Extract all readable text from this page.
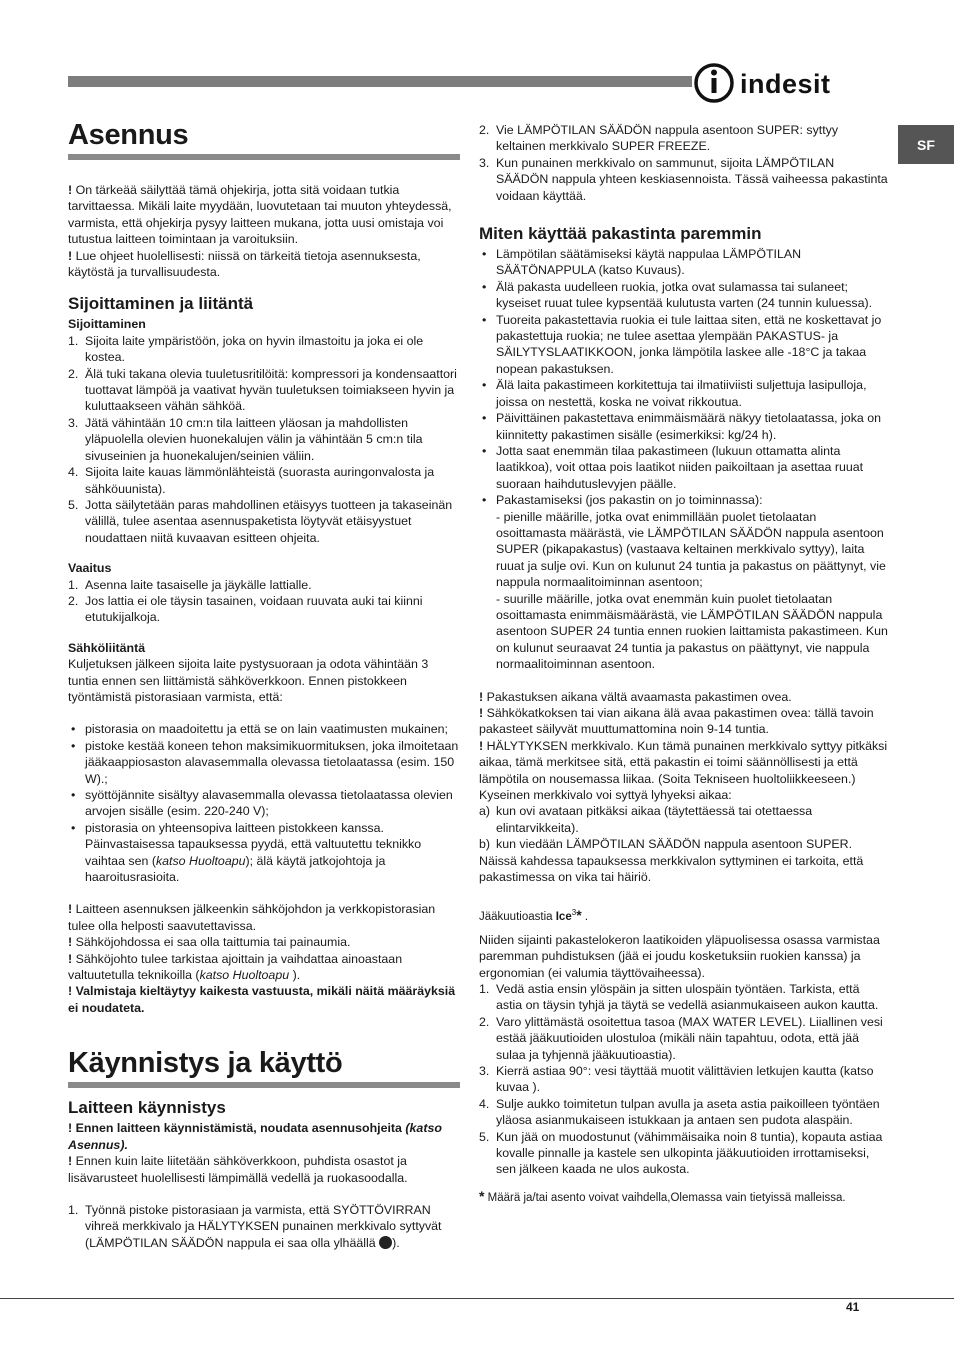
indesit
SF
Asennus

! On tärkeää säilyttää tämä ohjekirja, jotta sitä voidaan tutkia tarvittaessa. Mikäli laite myydään, luovutetaan tai muuton yhteydessä, varmista, että ohjekirja pysyy laitteen mukana, jotta uusi omistaja voi tutustua laitteen toimintaan ja varoituksiin.

! Lue ohjeet huolellisesti: niissä on tärkeitä tietoja asennuksesta, käytöstä ja turvallisuudesta.

Sijoittaminen ja liitäntä
Sijoittaminen
1. Sijoita laite ympäristöön, joka on hyvin ilmastoitu ja joka ei ole kostea.
2. Älä tuki takana olevia tuuletusritilöitä: kompressori ja kondensaattori tuottavat lämpöä ja vaativat hyvän tuuletuksen toimiakseen hyvin ja kuluttaakseen vähän sähköä.
3. Jätä vähintään 10 cm:n tila laitteen yläosan ja mahdollisten yläpuolella olevien huonekalujen välin ja vähintään 5 cm:n tila sivuseinien ja huonekalujen/seinien väliin.
4. Sijoita laite kauas lämmönlähteistä (suorasta auringonvalosta ja sähköuunista).
5. Jotta säilytetään paras mahdollinen etäisyys tuotteen ja takaseinän välillä, tulee asentaa asennuspaketista löytyvät etäisyystuet noudattaen niitä kuvaavan esitteen ohjeita.
Vaaitus
1. Asenna laite tasaiselle ja jäykälle lattialle.
2. Jos lattia ei ole täysin tasainen, voidaan ruuvata auki tai kiinni etutukijalkoja.
Sähköliitäntä

Kuljetuksen jälkeen sijoita laite pystysuoraan ja odota vähintään 3 tuntia ennen sen liittämistä sähköverkkoon. Ennen pistokkeen työntämistä pistorasiaan varmista, että:

• pistorasia on maadoitettu ja että se on lain vaatimusten mukainen;
• pistoke kestää koneen tehon maksimikuormituksen, joka ilmoitetaan jääkaappiosaston alavasemmalla olevassa tietolaatassa (esim. 150 W).;
• syöttöjännite sisältyy alavasemmalla olevassa tietolaatassa olevien arvojen sisälle (esim. 220-240 V);
• pistorasia on yhteensopiva laitteen pistokkeen kanssa. Päinvastaisessa tapauksessa pyydä, että valtuutettu teknikko vaihtaa sen (katso Huoltoapu); älä käytä jatkojohtoja ja haaroitusrasioita.

! Laitteen asennuksen jälkeenkin sähköjohdon ja verkkopistorasian tulee olla helposti saavutettavissa.

! Sähköjohdossa ei saa olla taittumia tai painaumia.

! Sähköjohto tulee tarkistaa ajoittain ja vaihdattaa ainoastaan valtuutetulla teknikoilla (katso Huoltoapu ).

! Valmistaja kieltäytyy kaikesta vastuusta, mikäli näitä määräyksiä ei noudateta.

Käynnistys ja käyttö
Laitteen käynnistys

! Ennen laitteen käynnistämistä, noudata asennusohjeita (katso Asennus).

! Ennen kuin laite liitetään sähköverkkoon, puhdista osastot ja lisävarusteet huolellisesti lämpimällä vedellä ja ruokasoodalla.

1. Työnnä pistoke pistorasiaan ja varmista, että SYÖTTÖVIRRAN vihreä merkkivalo ja HÄLYTYKSEN punainen merkkivalo syttyvät (LÄMPÖTILAN SÄÄDÖN nappula ei saa olla ylhäällä ).
2. Vie LÄMPÖTILAN SÄÄDÖN nappula asentoon SUPER: syttyy keltainen merkkivalo SUPER FREEZE.
3. Kun punainen merkkivalo on sammunut, sijoita LÄMPÖTILAN SÄÄDÖN nappula yhteen keskiasennoista. Tässä vaiheessa pakastinta voidaan käyttää.
Miten käyttää pakastinta paremmin
• Lämpötilan säätämiseksi käytä nappulaa LÄMPÖTILAN SÄÄTÖNAPPULA (katso Kuvaus).
• Älä pakasta uudelleen ruokia, jotka ovat sulamassa tai sulaneet; kyseiset ruuat tulee kypsentää kulutusta varten (24 tunnin kuluessa).
• Tuoreita pakastettavia ruokia ei tule laittaa siten, että ne koskettavat jo pakastettuja ruokia; ne tulee asettaa ylempään PAKASTUS- ja SÄILYTYSLAATIKKOON, jonka lämpötila laskee alle -18°C ja takaa nopean pakastuksen.
• Älä laita pakastimeen korkitettuja tai ilmatiiviisti suljettuja lasipulloja, joissa on nestettä, koska ne voivat rikkoutua.
• Päivittäinen pakastettava enimmäismäärä näkyy tietolaatassa, joka on kiinnitetty pakastimen sisälle (esimerkiksi: kg/24 h).
• Jotta saat enemmän tilaa pakastimeen (lukuun ottamatta alinta laatikkoa), voit ottaa pois laatikot niiden paikoiltaan ja asettaa ruuat suoraan haihdutuslevyjen päälle.
• Pakastamiseksi (jos pakastin on jo toiminnassa):
- pienille määrille, jotka ovat enimmillään puolet tietolaatan osoittamasta määrästä, vie LÄMPÖTILAN SÄÄDÖN nappula asentoon SUPER (pikapakastus) (vastaava keltainen merkkivalo syttyy), laita ruuat ja sulje ovi. Kun on kulunut 24 tuntia ja pakastus on päättynyt, vie nappula normaalitoiminnan asentoon;
- suurille määrille, jotka ovat enemmän kuin puolet tietolaatan osoittamasta enimmäismäärästä, vie LÄMPÖTILAN SÄÄDÖN nappula asentoon SUPER 24 tuntia ennen ruokien laittamista pakastimeen. Kun on kulunut seuraavat 24 tuntia ja pakastus on päättynyt, vie nappula normaalitoiminnan asentoon.

! Pakastuksen aikana vältä avaamasta pakastimen ovea.

! Sähkökatkoksen tai vian aikana älä avaa pakastimen ovea: tällä tavoin pakasteet säilyvät muuttumattomina noin 9-14 tuntia.

! HÄLYTYKSEN merkkivalo. Kun tämä punainen merkkivalo syttyy pitkäksi aikaa, tämä merkitsee sitä, että pakastin ei toimi säännöllisesti ja että lämpötila on nousemassa liikaa. (Soita Tekniseen huoltoliikkeeseen.)

Kyseinen merkkivalo voi syttyä lyhyeksi aikaa:

a) kun ovi avataan pitkäksi aikaa (täytettäessä tai otettaessa elintarvikkeita).
b) kun viedään LÄMPÖTILAN SÄÄDÖN nappula asentoon SUPER.

Näissä kahdessa tapauksessa merkkivalon syttyminen ei tarkoita, että pakastimessa on vika tai häiriö.

Jääkuutioastia Ice$^3$* .

Niiden sijainti pakastelokeron laatikoiden yläpuolisessa osassa varmistaa paremman puhdistuksen (jää ei joudu kosketuksiin ruokien kanssa) ja ergonomian (ei valumia täyttövaiheessa).

1. Vedä astia ensin ylöspäin ja sitten ulospäin työntäen. Tarkista, että astia on täysin tyhjä ja täytä se vedellä asianmukaiseen aukon kautta.
2. Varo ylittämästä osoitettua tasoa (MAX WATER LEVEL). Liiallinen vesi estää jääkuutioiden ulostuloa (mikäli näin tapahtuu, odota, että jää sulaa ja tyhjennä jääkuutioastia).
3. Kierrä astiaa 90°: vesi täyttää muotit välittävien letkujen kautta (katso kuvaa ).
4. Sulje aukko toimitetun tulpan avulla ja aseta astia paikoilleen työntäen yläosa asianmukaiseen istukkaan ja antaen sen pudota alaspäin.
5. Kun jää on muodostunut (vähimmäisaika noin 8 tuntia), kopauta astiaa kovalle pinnalle ja kastele sen ulkopinta jääkuutioiden irrottamiseksi, sen jälkeen kaada ne ulos aukosta.

* Määrä ja/tai asento voivat vaihdella,Olemassa vain tietyissä malleissa.

41
